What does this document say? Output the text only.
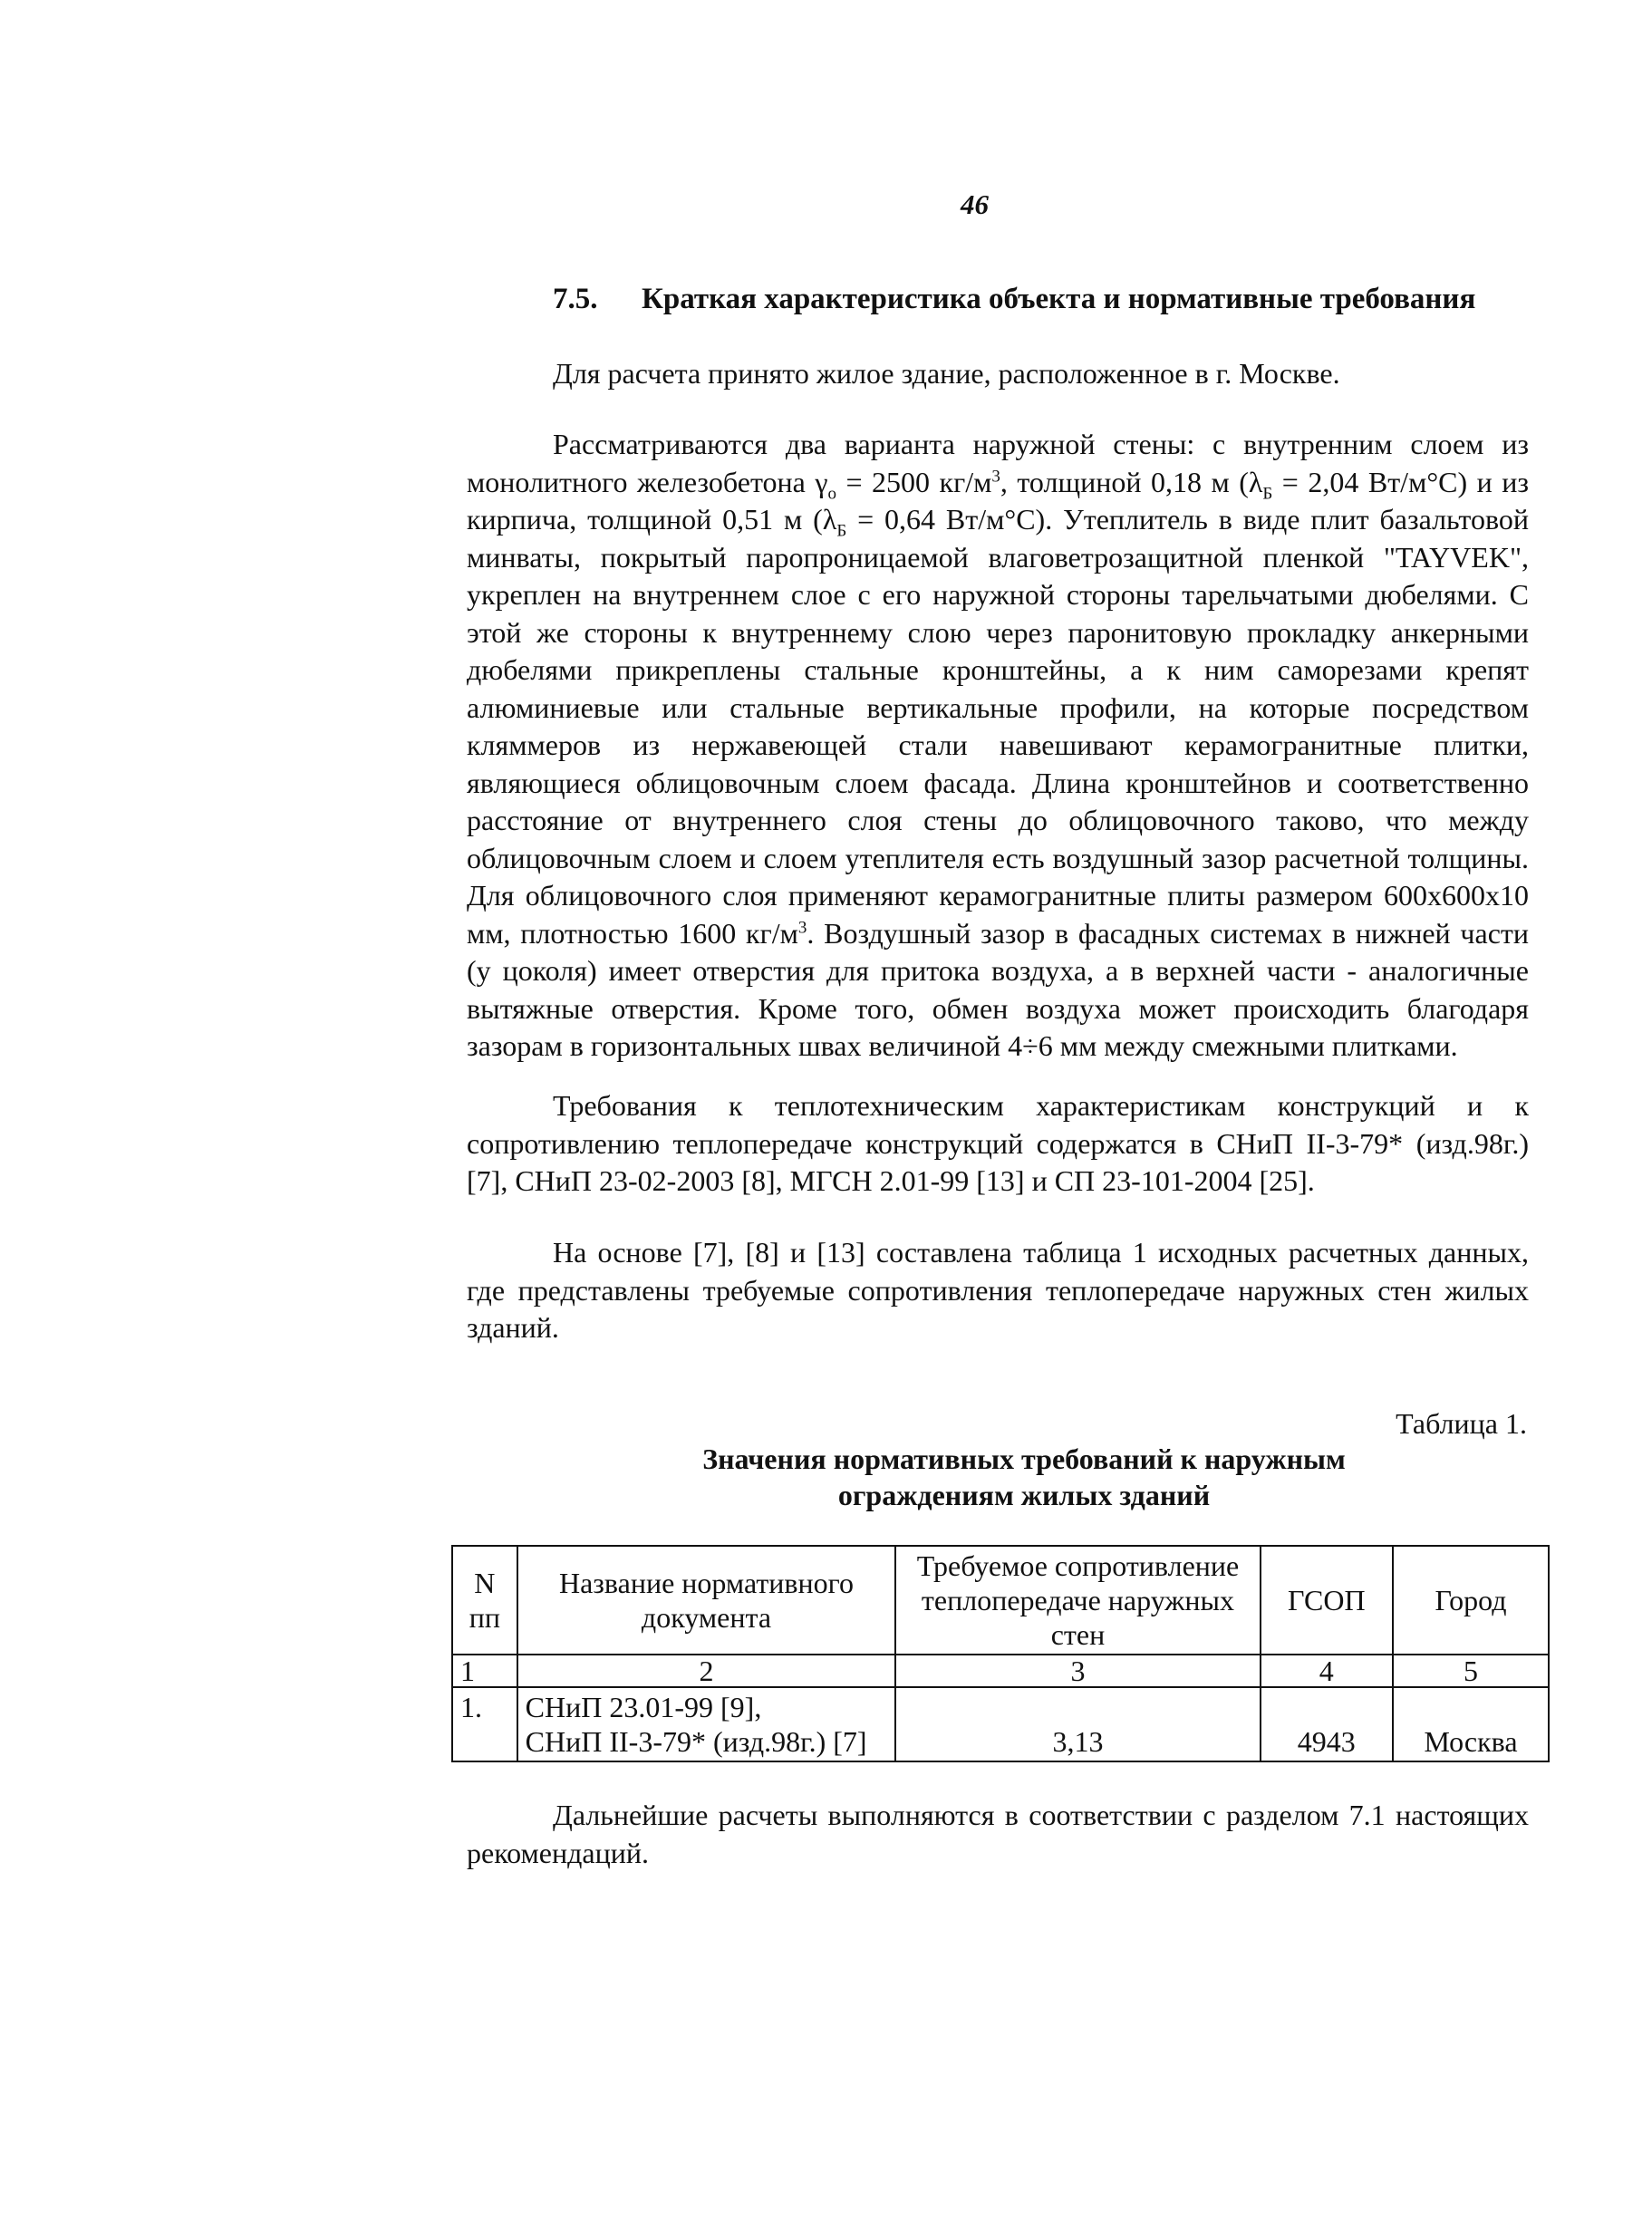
46
7.5. Краткая характеристика объекта и нормативные требования

Для расчета принято жилое здание, расположенное в г. Москве.

Рассматриваются два варианта наружной стены: с внутренним слоем из монолитного железобетона $\gamma_о = 2500$ $кг/м^3$, толщиной 0,18 м ($\lambda_Б = 2,04$ Вт/м°С) и из кирпича, толщиной 0,51 м ($\lambda_Б = 0,64$ Вт/м°С). Утеплитель в виде плит базальтовой минваты, покрытый паропроницаемой влаговетрозащитной пленкой "TAYVEK", укреплен на внутреннем слое с его наружной стороны тарельчатыми дюбелями. С этой же стороны к внутреннему слою через паронитовую прокладку анкерными дюбелями прикреплены стальные кронштейны, а к ним саморезами крепят алюминиевые или стальные вертикальные профили, на которые посредством кляммеров из нержавеющей стали навешивают керамогранитные плитки, являющиеся облицовочным слоем фасада. Длина кронштейнов и соответственно расстояние от внутреннего слоя стены до облицовочного таково, что между облицовочным слоем и слоем утеплителя есть воздушный зазор расчетной толщины. Для облицовочного слоя применяют керамогранитные плиты размером 600х600х10 мм, плотностью 1600 $кг/м^3$. Воздушный зазор в фасадных системах в нижней части (у цоколя) имеет отверстия для притока воздуха, а в верхней части - аналогичные вытяжные отверстия. Кроме того, обмен воздуха может происходить благодаря зазорам в горизонтальных швах величиной 4÷6 мм между смежными плитками.

Требования к теплотехническим характеристикам конструкций и к сопротивлению теплопередаче конструкций содержатся в СНиП II-3-79* (изд.98г.) [7], СНиП 23-02-2003 [8], МГСН 2.01-99 [13] и СП 23-101-2004 [25].

На основе [7], [8] и [13] составлена таблица 1 исходных расчетных данных, где представлены требуемые сопротивления теплопередаче наружных стен жилых зданий.

Таблица 1.
Значения нормативных требований к наружным ограждениям жилых зданий
N пп	Название нормативного документа	Требуемое сопротивление теплопередаче наружных стен	ГСОП	Город
1	2	3	4	5
1.	СНиП 23.01-99 [9],
СНиП II-3-79* (изд.98г.) [7]	3,13	4943	Москва

Дальнейшие расчеты выполняются в соответствии с разделом 7.1 настоящих рекомендаций.
